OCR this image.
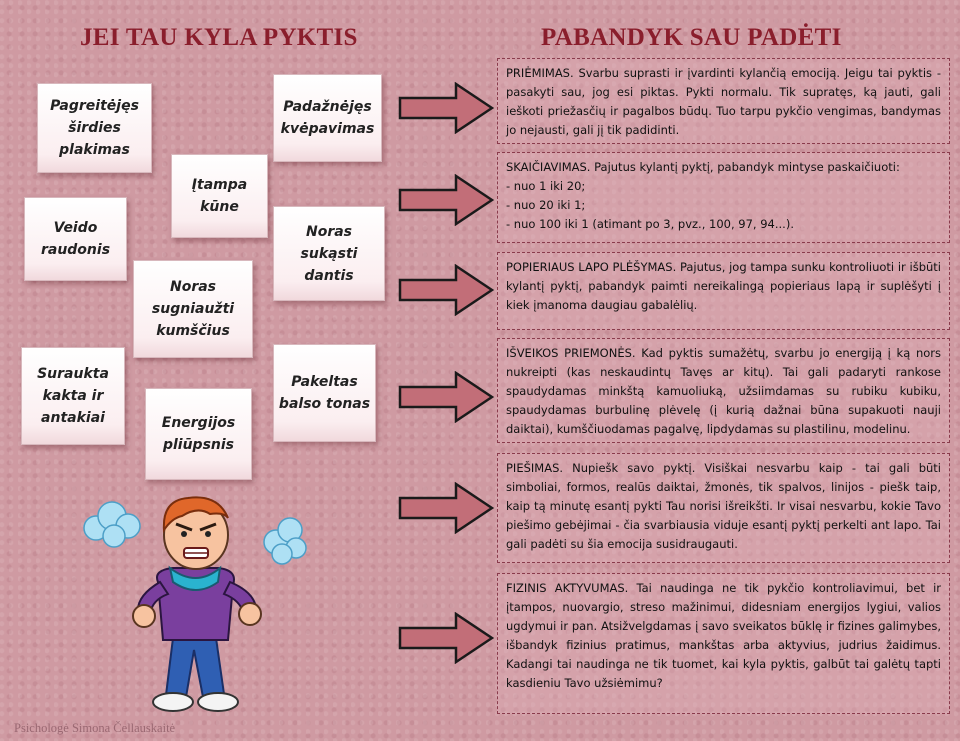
JEI TAU KYLA PYKTIS	PABANDYK SAU PADĖTI
Pagreitėjęs širdies plakimas
Padažnėjęs kvėpavimas
Įtampa kūne
Veido raudonis
Noras sukąsti dantis
Noras sugniaužti kumščius
Suraukta kakta ir antakiai
Pakeltas balso tonas
Energijos pliūpsnis
PRIĖMIMAS. Svarbu suprasti ir įvardinti kylančią emociją. Jeigu tai pyktis - pasakyti sau, jog esi piktas. Pykti normalu. Tik supratęs, ką jauti, gali ieškoti priežasčių ir pagalbos būdų. Tuo tarpu pykčio vengimas, bandymas jo nejausti, gali jį tik padidinti.
SKAIČIAVIMAS. Pajutus kylantį pyktį, pabandyk mintyse paskaičiuoti:
- nuo 1 iki 20;
- nuo 20 iki 1;
- nuo 100 iki 1 (atimant po 3, pvz., 100, 97, 94...).
POPIERIAUS LAPO PLĖŠYMAS. Pajutus, jog tampa sunku kontroliuoti ir išbūti kylantį pyktį, pabandyk paimti nereikalingą popieriaus lapą ir suplėšyti į kiek įmanoma daugiau gabalėlių.
IŠVEIKOS PRIEMONĖS. Kad pyktis sumažėtų, svarbu jo energiją į ką nors nukreipti (kas neskaudintų Tavęs ar kitų). Tai gali padaryti rankose spaudydamas minkštą kamuoliuką, užsiimdamas su rubiku kubiku, spaudydamas burbulinę plėvelę (į kurią dažnai būna supakuoti nauji daiktai), kumščiuodamas pagalvę, lipdydamas su plastilinu, modelinu.
PIEŠIMAS. Nupiešk savo pyktį. Visiškai nesvarbu kaip - tai gali būti simboliai, formos, realūs daiktai, žmonės, tik spalvos, linijos - piešk taip, kaip tą minutę esantį pykti Tau norisi išreikšti. Ir visai nesvarbu, kokie Tavo piešimo gebėjimai - čia svarbiausia viduje esantį pyktį perkelti ant lapo. Tai gali padėti su šia emocija susidraugauti.
FIZINIS AKTYVUMAS. Tai naudinga ne tik pykčio kontroliavimui, bet ir įtampos, nuovargio, streso mažinimui, didesniam energijos lygiui, valios ugdymui ir pan. Atsižvelgdamas į savo sveikatos būklę ir fizines galimybes, išbandyk fizinius pratimus, mankštas arba aktyvius, judrius žaidimus. Kadangi tai naudinga ne tik tuomet, kai kyla pyktis, galbūt tai galėtų tapti kasdieniu Tavo užsiėmimu?
Psichologė Simona Čellauskaitė
